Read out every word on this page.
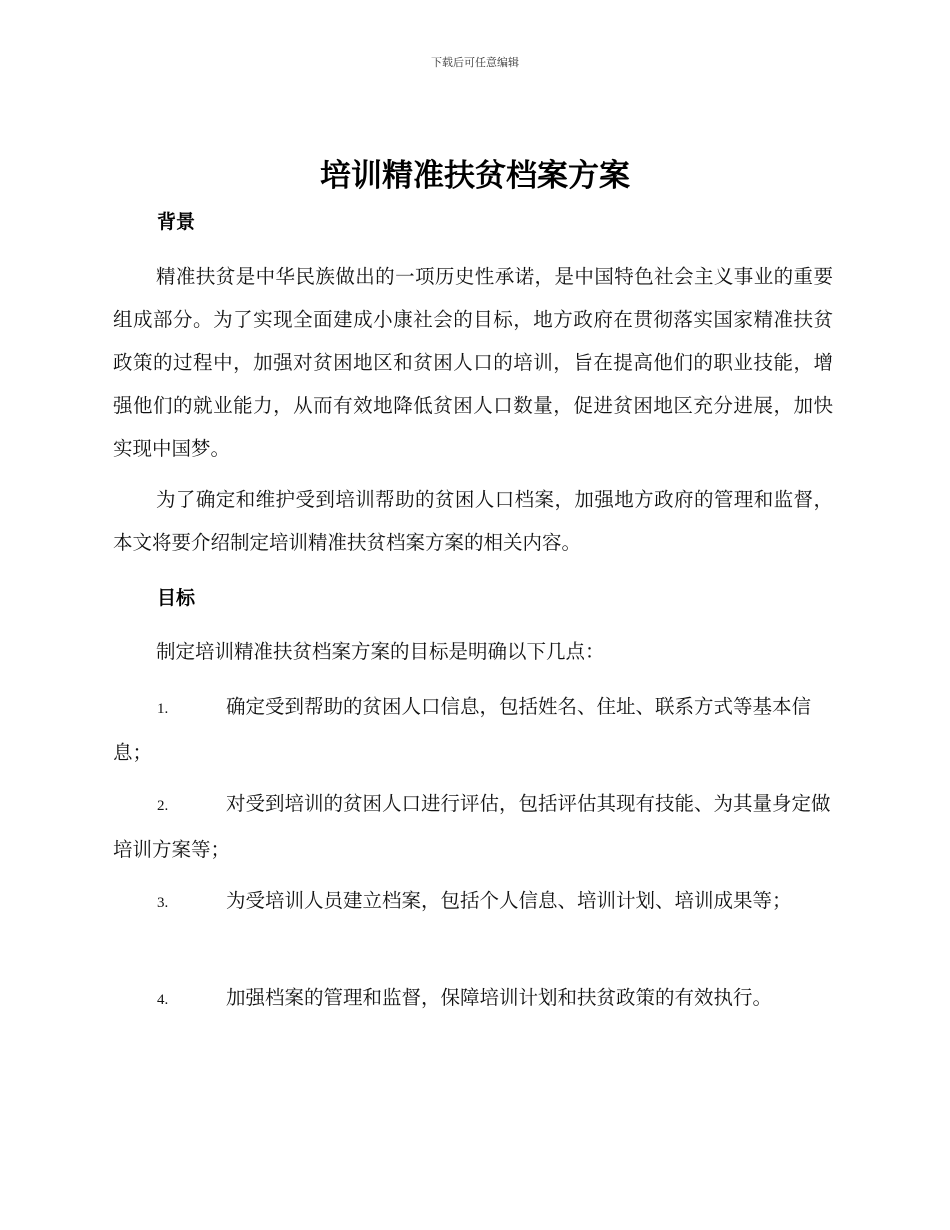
下载后可任意编辑
培训精准扶贫档案方案
背景

精准扶贫是中华民族做出的一项历史性承诺，是中国特色社会主义事业的重要组成部分。为了实现全面建成小康社会的目标，地方政府在贯彻落实国家精准扶贫政策的过程中，加强对贫困地区和贫困人口的培训，旨在提高他们的职业技能，增强他们的就业能力，从而有效地降低贫困人口数量，促进贫困地区充分进展，加快实现中国梦。

为了确定和维护受到培训帮助的贫困人口档案，加强地方政府的管理和监督，本文将要介绍制定培训精准扶贫档案方案的相关内容。

目标

制定培训精准扶贫档案方案的目标是明确以下几点：

1.	确定受到帮助的贫困人口信息，包括姓名、住址、联系方式等基本信息；
2.	对受到培训的贫困人口进行评估，包括评估其现有技能、为其量身定做培训方案等；
3.	为受培训人员建立档案，包括个人信息、培训计划、培训成果等；
4.	加强档案的管理和监督，保障培训计划和扶贫政策的有效执行。
